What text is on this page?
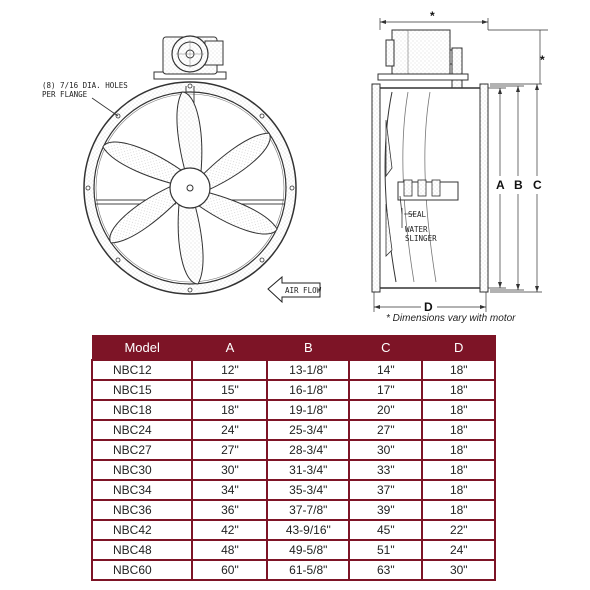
(8) 7/16 DIA. HOLES
PER FLANGE
AIR FLOW
SEAL
WATER
SLINGER
A B C
D
*
*
* Dimensions vary with motor
Model	A	B	C	D
NBC12	12"	13-1/8"	14"	18"
NBC15	15"	16-1/8"	17"	18"
NBC18	18"	19-1/8"	20"	18"
NBC24	24"	25-3/4"	27"	18"
NBC27	27"	28-3/4"	30"	18"
NBC30	30"	31-3/4"	33"	18"
NBC34	34"	35-3/4"	37"	18"
NBC36	36"	37-7/8"	39"	18"
NBC42	42"	43-9/16"	45"	22"
NBC48	48"	49-5/8"	51"	24"
NBC60	60"	61-5/8"	63"	30"
